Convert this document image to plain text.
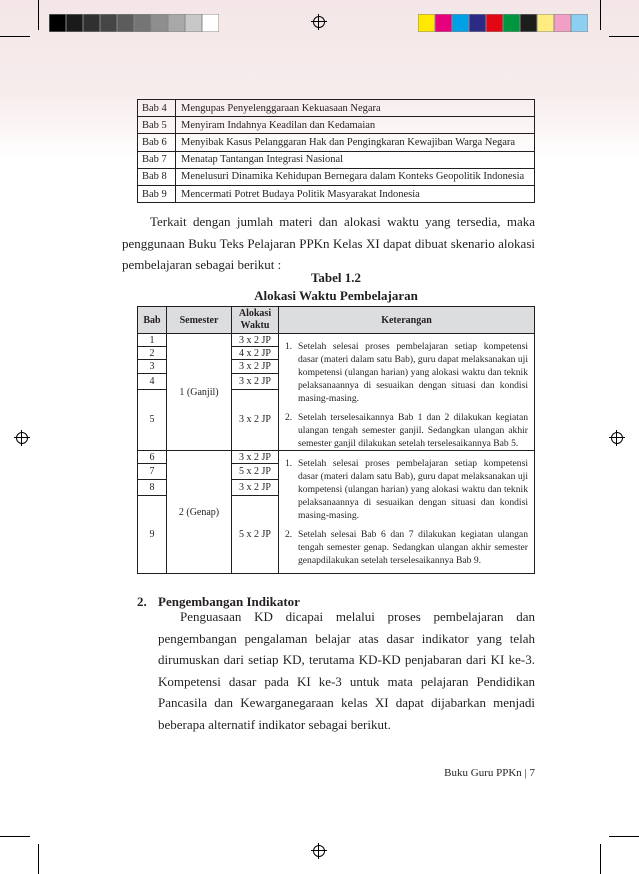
Bab 4	Mengupas Penyelenggaraan Kekuasaan Negara
Bab 5	Menyiram Indahnya Keadilan dan Kedamaian
Bab 6	Menyibak Kasus Pelanggaran Hak dan Pengingkaran Kewajiban Warga Negara
Bab 7	Menatap Tantangan Integrasi Nasional
Bab 8	Menelusuri Dinamika Kehidupan Bernegara dalam Konteks Geopolitik Indonesia
Bab 9	Mencermati Potret Budaya Politik Masyarakat Indonesia
Terkait dengan jumlah materi dan alokasi waktu yang tersedia, maka penggunaan Buku Teks Pelajaran PPKn Kelas XI dapat dibuat skenario alokasi pembelajaran sebagai berikut :
Tabel 1.2
Alokasi Waktu Pembelajaran
Bab	Semester	Alokasi Waktu	Keterangan
1	1 (Ganjil)	3 x 2 JP	1. Setelah selesai proses pembelajaran setiap kompetensi dasar (materi dalam satu Bab), guru dapat melaksanakan uji kompetensi (ulangan harian) yang alokasi waktu dan teknik pelaksanaannya di sesuaikan dengan situasi dan kondisi masing-masing.
2. Setelah terselesaikannya Bab 1 dan 2 dilakukan kegiatan ulangan tengah semester ganjil. Sedangkan ulangan akhir semester ganjil dilakukan setelah terselesaikannya Bab 5.

2		4 x 2 JP	
3		3 x 2 JP	
4		3 x 2 JP	
5		3 x 2 JP	
6	2 (Genap)	3 x 2 JP	1. Setelah selesai proses pembelajaran setiap kompetensi dasar (materi dalam satu Bab), guru dapat melaksanakan uji kompetensi (ulangan harian) yang alokasi waktu dan teknik pelaksanaannya di sesuaikan dengan situasi dan kondisi masing-masing.
2. Setelah selesai Bab 6 dan 7 dilakukan kegiatan ulangan tengah semester genap. Sedangkan ulangan akhir semester genapdilakukan setelah terselesaikannya Bab 9.

7		5 x 2 JP	
8		3 x 2 JP	
9		5 x 2 JP	
2. Pengembangan Indikator
Penguasaan KD dicapai melalui proses pembelajaran dan pengembangan pengalaman belajar atas dasar indikator yang telah dirumuskan dari setiap KD, terutama KD-KD penjabaran dari KI ke-3. Kompetensi dasar pada KI ke-3 untuk mata pelajaran Pendidikan Pancasila dan Kewarganegaraan kelas XI dapat dijabarkan menjadi beberapa alternatif indikator sebagai berikut.
Buku Guru PPKn | 7
